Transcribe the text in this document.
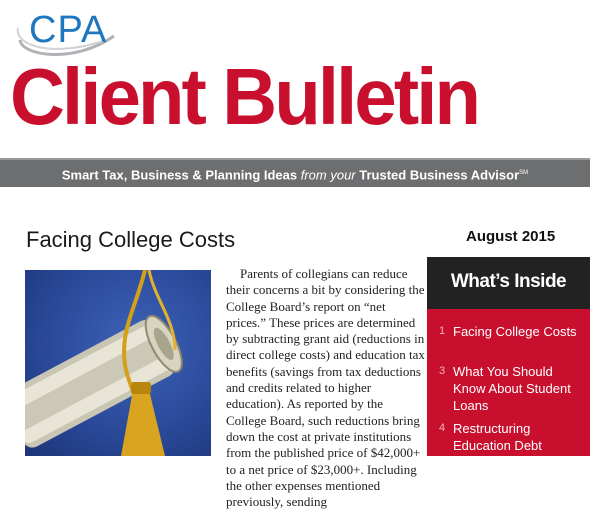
CPA
Client Bulletin
Smart Tax, Business & Planning Ideas from your Trusted Business Advisor℠
Facing College Costs	August 2015
Parents of collegians can reduce their concerns a bit by considering the College Board’s report on “net prices.” These prices are determined by subtracting grant aid (reductions in direct college costs) and education tax benefits (savings from tax deductions and credits related to higher education). As reported by the College Board, such reductions bring down the cost at private institutions from the published price of $42,000+ to a net price of $23,000+. Including the other expenses mentioned previously, sending
What’s Inside
1 Facing College Costs
3 What You Should Know About Student Loans
4 Restructuring Education Debt
